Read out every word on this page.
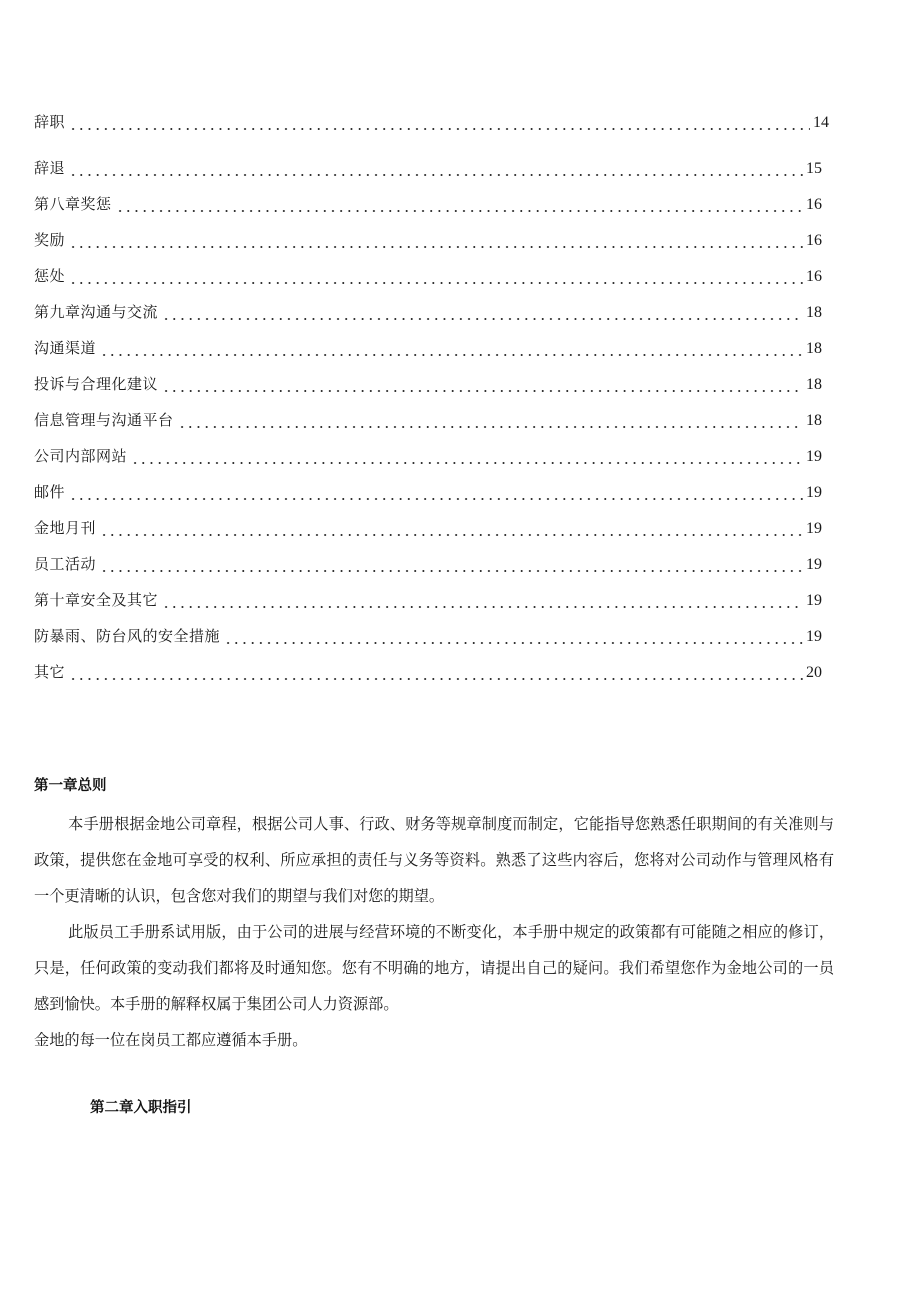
辞职	14
辞退	15
第八章奖惩	16
奖励	16
惩处	16
第九章沟通与交流	18
沟通渠道	18
投诉与合理化建议	18
信息管理与沟通平台	18
公司内部网站	19
邮件	19
金地月刊	19
员工活动	19
第十章安全及其它	19
防暴雨、防台风的安全措施	19
其它	20
第一章总则
本手册根据金地公司章程，根据公司人事、行政、财务等规章制度而制定，它能指导您熟悉任职期间的有关准则与政策，提供您在金地可享受的权利、所应承担的责任与义务等资料。熟悉了这些内容后，您将对公司动作与管理风格有一个更清晰的认识，包含您对我们的期望与我们对您的期望。
此版员工手册系试用版，由于公司的进展与经营环境的不断变化，本手册中规定的政策都有可能随之相应的修订，只是，任何政策的变动我们都将及时通知您。您有不明确的地方，请提出自己的疑问。我们希望您作为金地公司的一员感到愉快。本手册的解释权属于集团公司人力资源部。
金地的每一位在岗员工都应遵循本手册。
第二章入职指引
